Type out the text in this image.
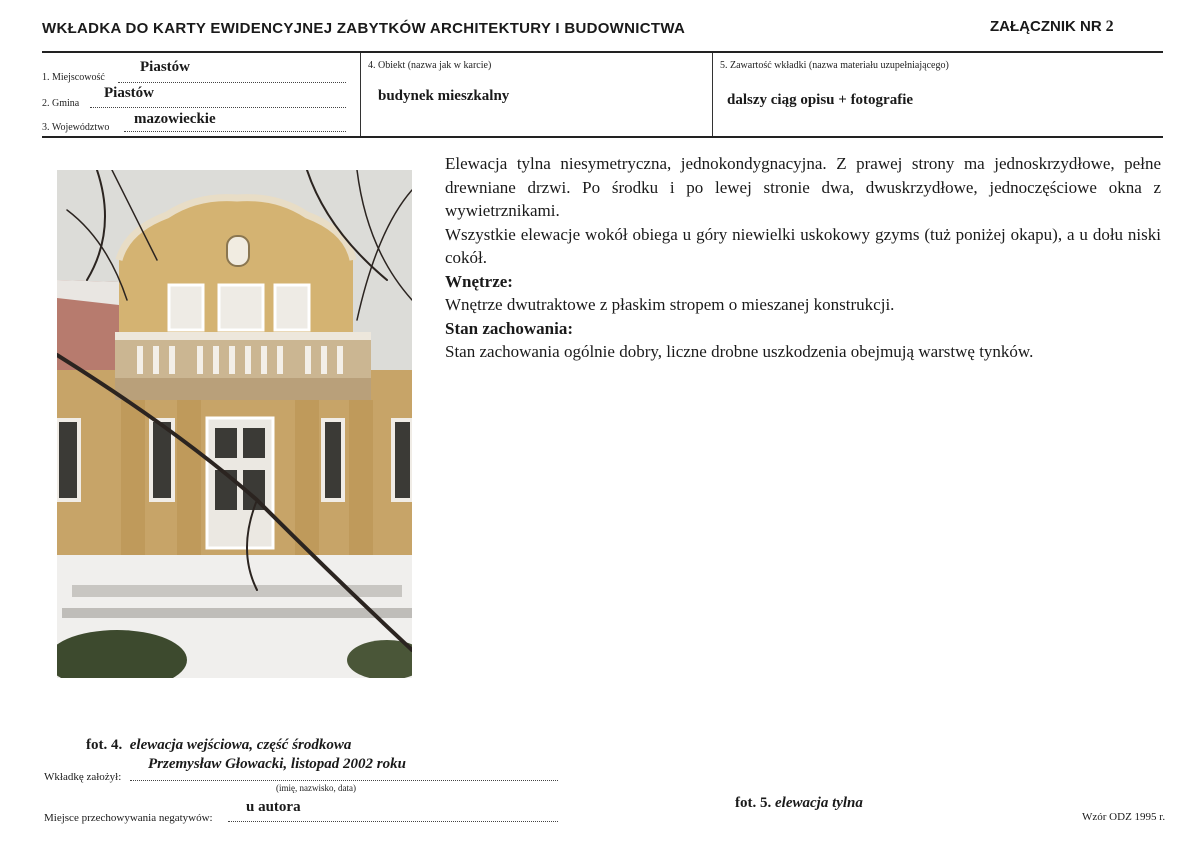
WKŁADKA DO KARTY EWIDENCYJNEJ ZABYTKÓW ARCHITEKTURY I BUDOWNICTWA	ZAŁĄCZNIK NR 2
1. Miejscowość
Piastów
2. Gmina
Piastów
3. Województwo
mazowieckie
4. Obiekt (nazwa jak w karcie)
budynek mieszkalny
5. Zawartość wkładki (nazwa materiału uzupełniającego)
dalszy ciąg opisu + fotografie

Elewacja tylna niesymetryczna, jednokondygnacyjna. Z prawej strony ma jednoskrzydłowe, pełne drewniane drzwi. Po środku i po lewej stronie dwa, dwuskrzydłowe, jednoczęściowe okna z wywietrznikami.

Wszystkie elewacje wokół obiega u góry niewielki uskokowy gzyms (tuż poniżej okapu), a u dołu niski cokół.

Wnętrze:

Wnętrze dwutraktowe z płaskim stropem o mieszanej konstrukcji.

Stan zachowania:

Stan zachowania ogólnie dobry, liczne drobne uszkodzenia obejmują warstwę tynków.

fot. 4. elewacja wejściowa, część środkowa
fot. 5. elewacja tylna
Wkładkę założył:
Przemysław Głowacki, listopad 2002 roku
(imię, nazwisko, data)
Miejsce przechowywania negatywów:
u autora
Wzór ODZ 1995 r.
